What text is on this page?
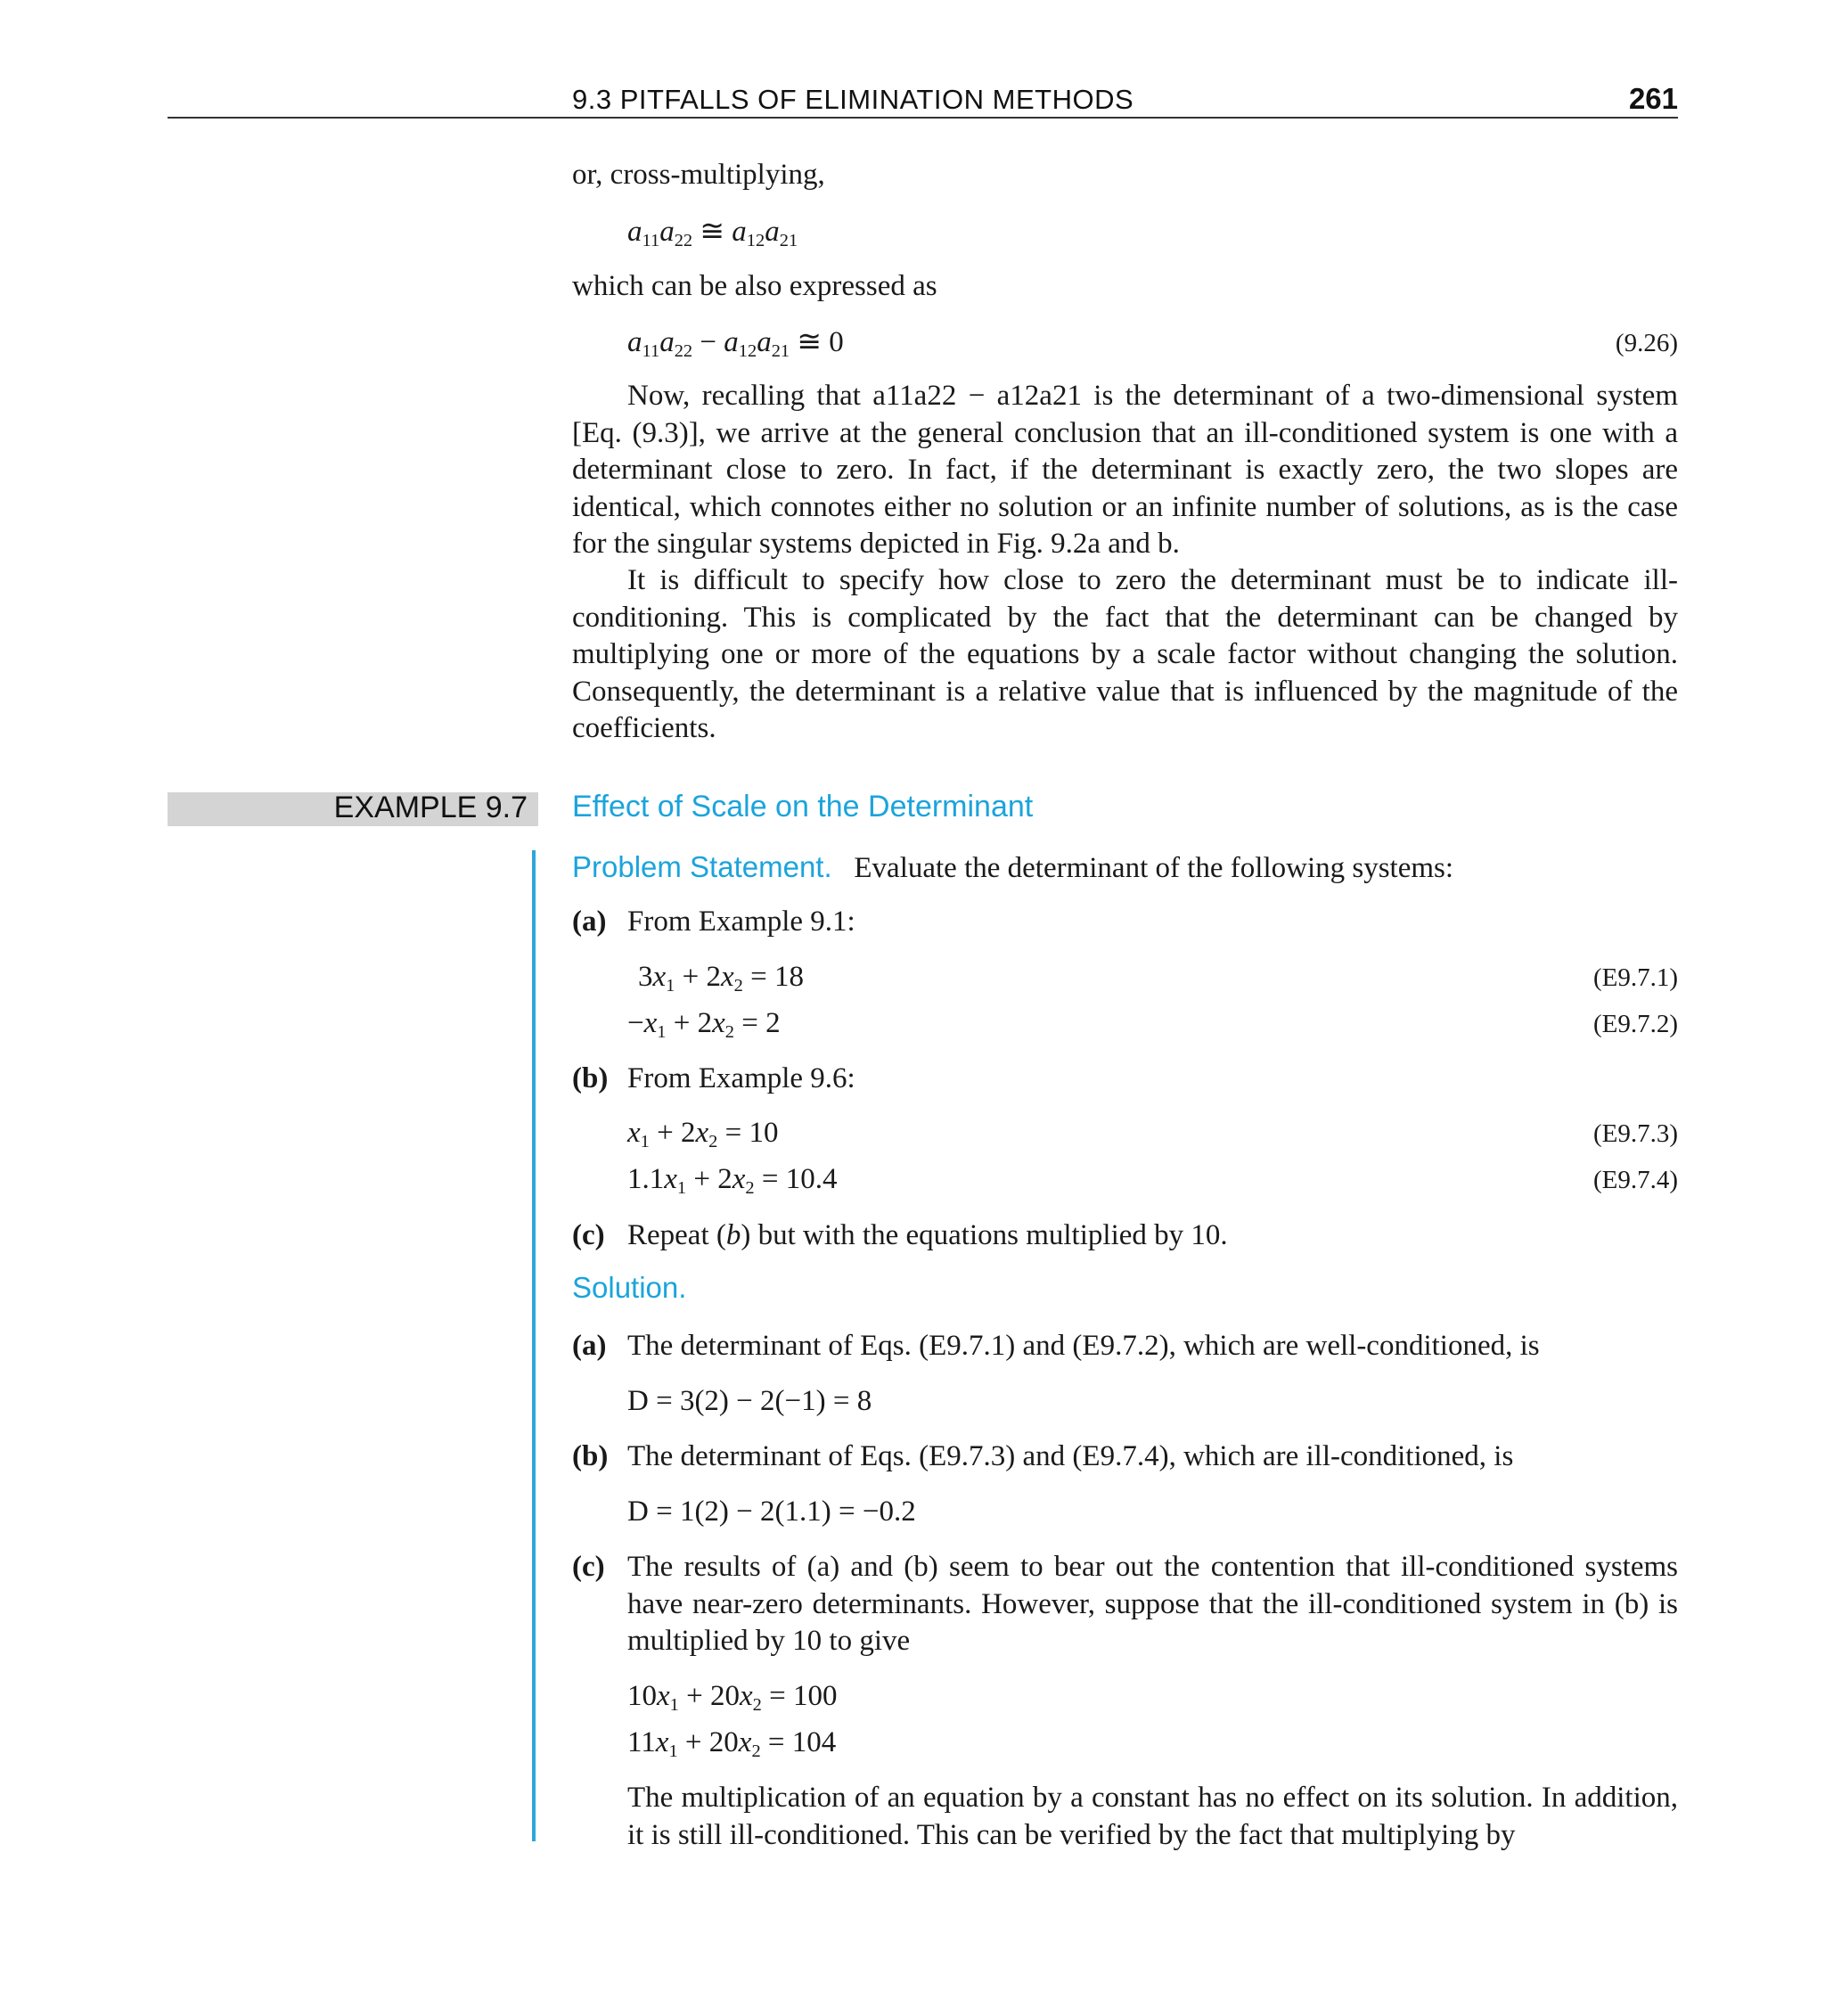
9.3 PITFALLS OF ELIMINATION METHODS	261
or, cross-multiplying,
$a_{11}a_{22}$ ≅ $a_{12}a_{21}$
which can be also expressed as
$a_{11}a_{22} - a_{12}a_{21}$ ≅ 0	(9.26)
Now, recalling that a11a22 − a12a21 is the determinant of a two-dimensional system [Eq. (9.3)], we arrive at the general conclusion that an ill-conditioned system is one with a determinant close to zero. In fact, if the determinant is exactly zero, the two slopes are identical, which connotes either no solution or an infinite number of solutions, as is the case for the singular systems depicted in Fig. 9.2a and b.
It is difficult to specify how close to zero the determinant must be to indicate ill-conditioning. This is complicated by the fact that the determinant can be changed by multiplying one or more of the equations by a scale factor without changing the solution. Consequently, the determinant is a relative value that is influenced by the magnitude of the coefficients.
EXAMPLE 9.7 Effect of Scale on the Determinant
Problem Statement. Evaluate the determinant of the following systems:
(a) From Example 9.1:
$3x_1 + 2x_2 = 18$	(E9.7.1)
$-x_1 + 2x_2 = 2$	(E9.7.2)
(b) From Example 9.6:
$x_1 + 2x_2 = 10$	(E9.7.3)
$1.1x_1 + 2x_2 = 10.4$	(E9.7.4)
(c) Repeat (b) but with the equations multiplied by 10.
Solution.
(a) The determinant of Eqs. (E9.7.1) and (E9.7.2), which are well-conditioned, is
D = 3(2) − 2(−1) = 8
(b) The determinant of Eqs. (E9.7.3) and (E9.7.4), which are ill-conditioned, is
D = 1(2) − 2(1.1) = −0.2
(c) The results of (a) and (b) seem to bear out the contention that ill-conditioned systems have near-zero determinants. However, suppose that the ill-conditioned system in (b) is multiplied by 10 to give
$10x_1 + 20x_2 = 100$
$11x_1 + 20x_2 = 104$
The multiplication of an equation by a constant has no effect on its solution. In addition, it is still ill-conditioned. This can be verified by the fact that multiplying by
